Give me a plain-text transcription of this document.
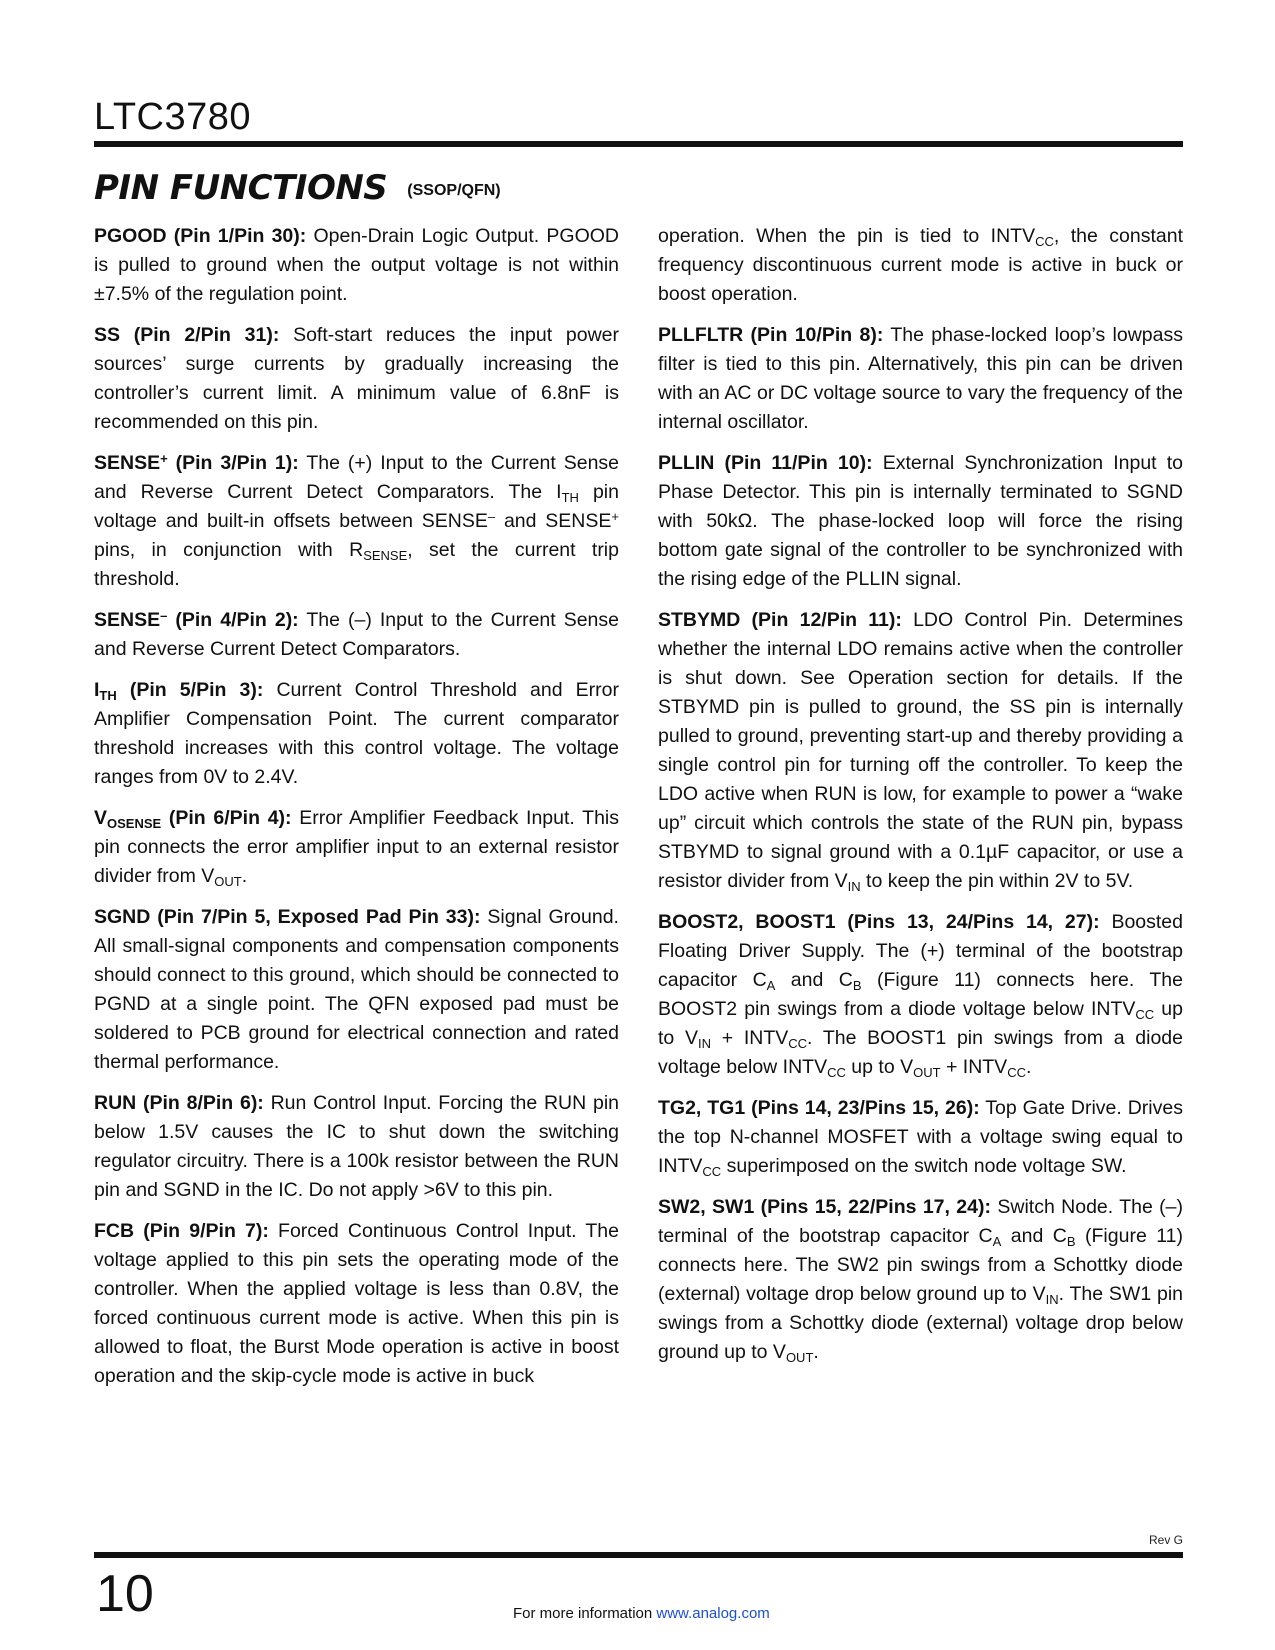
LTC3780
PIN FUNCTIONS (SSOP/QFN)

PGOOD (Pin 1/Pin 30): Open-Drain Logic Output. PGOOD is pulled to ground when the output voltage is not within ±7.5% of the regulation point.

SS (Pin 2/Pin 31): Soft-start reduces the input power sources’ surge currents by gradually increasing the controller’s current limit. A minimum value of 6.8nF is recommended on this pin.

SENSE+ (Pin 3/Pin 1): The (+) Input to the Current Sense and Reverse Current Detect Comparators. The $I_{TH}$ pin voltage and built-in offsets between SENSE– and SENSE+ pins, in conjunction with $R_{SENSE}$, set the current trip threshold.

SENSE– (Pin 4/Pin 2): The (–) Input to the Current Sense and Reverse Current Detect Comparators.

$I_{TH}$ (Pin 5/Pin 3): Current Control Threshold and Error Amplifier Compensation Point. The current comparator threshold increases with this control voltage. The voltage ranges from 0V to 2.4V.

$V_{OSENSE}$ (Pin 6/Pin 4): Error Amplifier Feedback Input. This pin connects the error amplifier input to an external resistor divider from $V_{OUT}$.

SGND (Pin 7/Pin 5, Exposed Pad Pin 33): Signal Ground. All small-signal components and compensation components should connect to this ground, which should be connected to PGND at a single point. The QFN exposed pad must be soldered to PCB ground for electrical connection and rated thermal performance.

RUN (Pin 8/Pin 6): Run Control Input. Forcing the RUN pin below 1.5V causes the IC to shut down the switching regulator circuitry. There is a 100k resistor between the RUN pin and SGND in the IC. Do not apply >6V to this pin.

FCB (Pin 9/Pin 7): Forced Continuous Control Input. The voltage applied to this pin sets the operating mode of the controller. When the applied voltage is less than 0.8V, the forced continuous current mode is active. When this pin is allowed to float, the Burst Mode operation is active in boost operation and the skip-cycle mode is active in buck

operation. When the pin is tied to $INTV_{CC}$, the constant frequency discontinuous current mode is active in buck or boost operation.

PLLFLTR (Pin 10/Pin 8): The phase-locked loop’s lowpass filter is tied to this pin. Alternatively, this pin can be driven with an AC or DC voltage source to vary the frequency of the internal oscillator.

PLLIN (Pin 11/Pin 10): External Synchronization Input to Phase Detector. This pin is internally terminated to SGND with 50kΩ. The phase-locked loop will force the rising bottom gate signal of the controller to be synchronized with the rising edge of the PLLIN signal.

STBYMD (Pin 12/Pin 11): LDO Control Pin. Determines whether the internal LDO remains active when the controller is shut down. See Operation section for details. If the STBYMD pin is pulled to ground, the SS pin is internally pulled to ground, preventing start-up and thereby providing a single control pin for turning off the controller. To keep the LDO active when RUN is low, for example to power a “wake up” circuit which controls the state of the RUN pin, bypass STBYMD to signal ground with a 0.1µF capacitor, or use a resistor divider from $V_{IN}$ to keep the pin within 2V to 5V.

BOOST2, BOOST1 (Pins 13, 24/Pins 14, 27): Boosted Floating Driver Supply. The (+) terminal of the bootstrap capacitor $C_A$ and $C_B$ (Figure 11) connects here. The BOOST2 pin swings from a diode voltage below $INTV_{CC}$ up to $V_{IN}$ + $INTV_{CC}$. The BOOST1 pin swings from a diode voltage below $INTV_{CC}$ up to $V_{OUT}$ + $INTV_{CC}$.

TG2, TG1 (Pins 14, 23/Pins 15, 26): Top Gate Drive. Drives the top N-channel MOSFET with a voltage swing equal to $INTV_{CC}$ superimposed on the switch node voltage SW.

SW2, SW1 (Pins 15, 22/Pins 17, 24): Switch Node. The (–) terminal of the bootstrap capacitor $C_A$ and $C_B$ (Figure 11) connects here. The SW2 pin swings from a Schottky diode (external) voltage drop below ground up to $V_{IN}$. The SW1 pin swings from a Schottky diode (external) voltage drop below ground up to $V_{OUT}$.

Rev G
10	For more information www.analog.com
